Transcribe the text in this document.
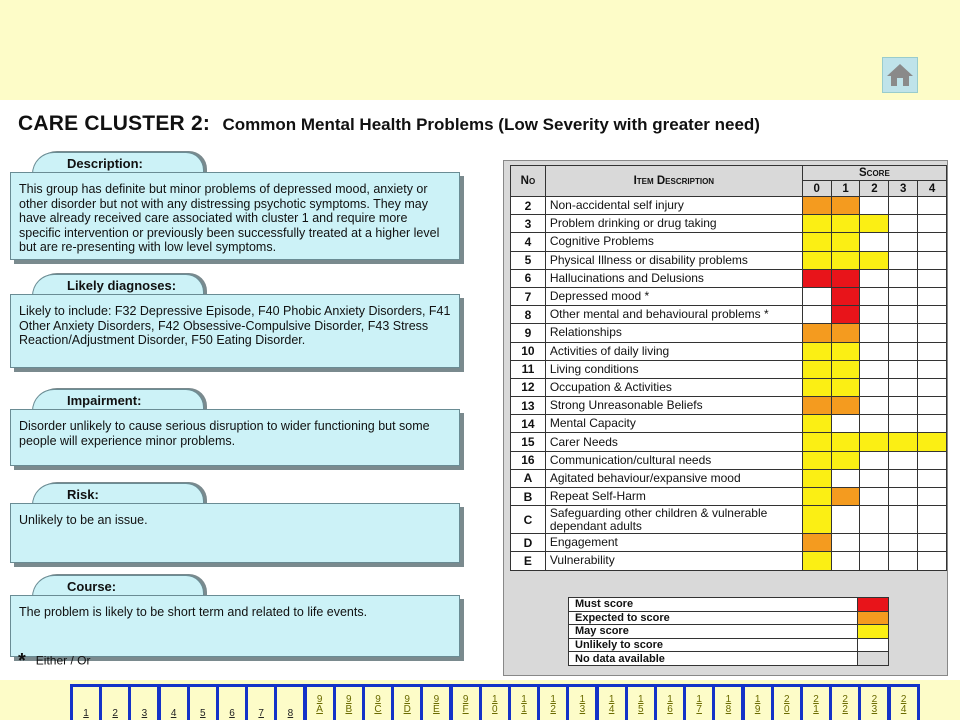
CARE CLUSTER 2: Common Mental Health Problems (Low Severity with greater need)
Description:
This group has definite but minor problems of depressed mood, anxiety or other disorder but not with any distressing psychotic symptoms. They may have already received care associated with cluster 1 and require more specific intervention or previously been successfully treated at a higher level but are re-presenting with low level symptoms.
Likely diagnoses:
Likely to include: F32 Depressive Episode, F40 Phobic Anxiety Disorders, F41 Other Anxiety Disorders, F42 Obsessive-Compulsive Disorder, F43 Stress Reaction/Adjustment Disorder, F50 Eating Disorder.
Impairment:
Disorder unlikely to cause serious disruption to wider functioning but some people will experience minor problems.
Risk:
Unlikely to be an issue.
Course:
The problem is likely to be short term and related to life events.
* Either / Or
No	Item Description	Score				
		0	1	2	3	4
2	Non-accidental self injury					
3	Problem drinking or drug taking					
4	Cognitive Problems					
5	Physical Illness or disability problems					
6	Hallucinations and Delusions					
7	Depressed mood *					
8	Other mental and behavioural problems *					
9	Relationships					
10	Activities of daily living					
11	Living conditions					
12	Occupation & Activities					
13	Strong Unreasonable Beliefs					
14	Mental Capacity					
15	Carer Needs					
16	Communication/cultural needs					
A	Agitated behaviour/expansive mood					
B	Repeat Self-Harm					
C	Safeguarding other children & vulnerable dependant adults					
D	Engagement					
E	Vulnerability					
Must score	
Expected to score	
May score	
Unlikely to score	
No data available	
1	2	3	4	5	6	7	8
9
A
9
B
9
C
9
D
9
E
9
F
1
0
1
1
1
2
1
3
1
4
1
5
1
6
1
7
1
8
1
9
2
0
2
1
2
2
2
3
2
4
